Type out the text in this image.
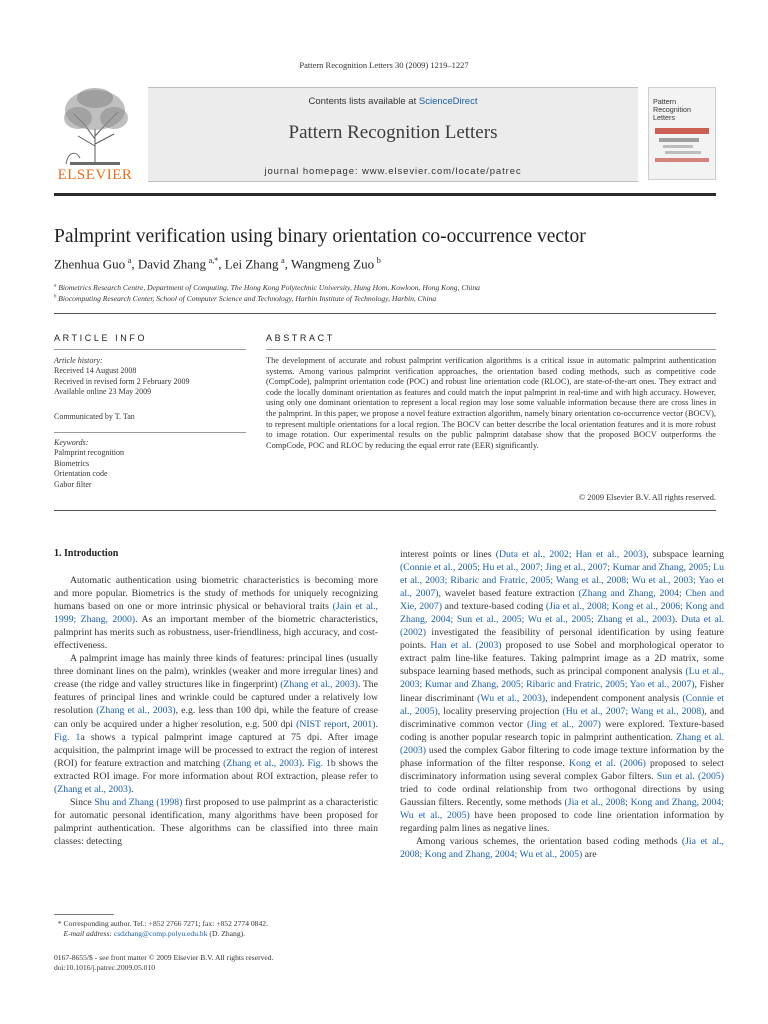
Pattern Recognition Letters 30 (2009) 1219–1227
ELSEVIER
Contents lists available at ScienceDirect
Pattern Recognition Letters
journal homepage: www.elsevier.com/locate/patrec
Pattern Recognition Letters
Palmprint verification using binary orientation co-occurrence vector
Zhenhua Guo  $^a$, David Zhang  $^{a,*}$, Lei Zhang  $^a$, Wangmeng Zuo  $^b$
$^a$ Biometrics Research Centre, Department of Computing, The Hong Kong Polytechnic University, Hung Hom, Kowloon, Hong Kong, China
$^b$ Biocomputing Research Center, School of Computer Science and Technology, Harbin Institute of Technology, Harbin, China
ARTICLE INFO	ABSTRACT
Article history:
Received 14 August 2008
Received in revised form 2 February 2009
Available online 23 May 2009
Communicated by T. Tan
Keywords:
Palmprint recognition
Biometrics
Orientation code
Gabor filter
The development of accurate and robust palmprint verification algorithms is a critical issue in automatic palmprint authentication systems. Among various palmprint verification approaches, the orientation based coding methods, such as competitive code (CompCode), palmprint orientation code (POC) and robust line orientation code (RLOC), are state-of-the-art ones. They extract and code the locally dominant orientation as features and could match the input palmprint in real-time and with high accuracy. However, using only one dominant orientation to represent a local region may lose some valuable information because there are cross lines in the palmprint. In this paper, we propose a novel feature extraction algorithm, namely binary orientation co-occurrence vector (BOCV), to represent multiple orientations for a local region. The BOCV can better describe the local orientation features and it is more robust to image rotation. Our experimental results on the public palmprint database show that the proposed BOCV outperforms the CompCode, POC and RLOC by reducing the equal error rate (EER) significantly.
© 2009 Elsevier B.V. All rights reserved.
1. Introduction

Automatic authentication using biometric characteristics is becoming more and more popular. Biometrics is the study of methods for uniquely recognizing humans based on one or more intrinsic physical or behavioral traits (Jain et al., 1999; Zhang, 2000). As an important member of the biometric characteristics, palmprint has merits such as robustness, user-friendliness, high accuracy, and cost-effectiveness.

A palmprint image has mainly three kinds of features: principal lines (usually three dominant lines on the palm), wrinkles (weaker and more irregular lines) and crease (the ridge and valley structures like in fingerprint) (Zhang et al., 2003). The features of principal lines and wrinkle could be captured under a relatively low resolution (Zhang et al., 2003), e.g. less than 100 dpi, while the feature of crease can only be acquired under a higher resolution, e.g. 500 dpi (NIST report, 2001). Fig. 1a shows a typical palmprint image captured at 75 dpi. After image acquisition, the palmprint image will be processed to extract the region of interest (ROI) for feature extraction and matching (Zhang et al., 2003). Fig. 1b shows the extracted ROI image. For more information about ROI extraction, please refer to (Zhang et al., 2003).

Since Shu and Zhang (1998) first proposed to use palmprint as a characteristic for automatic personal identification, many algorithms have been proposed for palmprint authentication. These algorithms can be classified into three main classes: detecting

interest points or lines (Duta et al., 2002; Han et al., 2003), subspace learning (Connie et al., 2005; Hu et al., 2007; Jing et al., 2007; Kumar and Zhang, 2005; Lu et al., 2003; Ribaric and Fratric, 2005; Wang et al., 2008; Wu et al., 2003; Yao et al., 2007), wavelet based feature extraction (Zhang and Zhang, 2004; Chen and Xie, 2007) and texture-based coding (Jia et al., 2008; Kong et al., 2006; Kong and Zhang, 2004; Sun et al., 2005; Wu et al., 2005; Zhang et al., 2003). Duta et al. (2002) investigated the feasibility of personal identification by using feature points. Han et al. (2003) proposed to use Sobel and morphological operator to extract palm line-like features. Taking palmprint image as a 2D matrix, some subspace learning based methods, such as principal component analysis (Lu et al., 2003; Kumar and Zhang, 2005; Ribaric and Fratric, 2005; Yao et al., 2007), Fisher linear discriminant (Wu et al., 2003), independent component analysis (Connie et al., 2005), locality preserving projection (Hu et al., 2007; Wang et al., 2008), and discriminative common vector (Jing et al., 2007) were explored. Texture-based coding is another popular research topic in palmprint authentication. Zhang et al. (2003) used the complex Gabor filtering to code image texture information by the phase information of the filter response. Kong et al. (2006) proposed to select discriminatory information using several complex Gabor filters. Sun et al. (2005) tried to code ordinal relationship from two orthogonal directions by using Gaussian filters. Recently, some methods (Jia et al., 2008; Kong and Zhang, 2004; Wu et al., 2005) have been proposed to code line orientation information by regarding palm lines as negative lines.

Among various schemes, the orientation based coding methods (Jia et al., 2008; Kong and Zhang, 2004; Wu et al., 2005) are

* Corresponding author. Tel.: +852 2766 7271; fax: +852 2774 0842.
E-mail address: csdzhang@comp.polyu.edu.hk (D. Zhang).
0167-8655/$ - see front matter © 2009 Elsevier B.V. All rights reserved.
doi:10.1016/j.patrec.2009.05.010
